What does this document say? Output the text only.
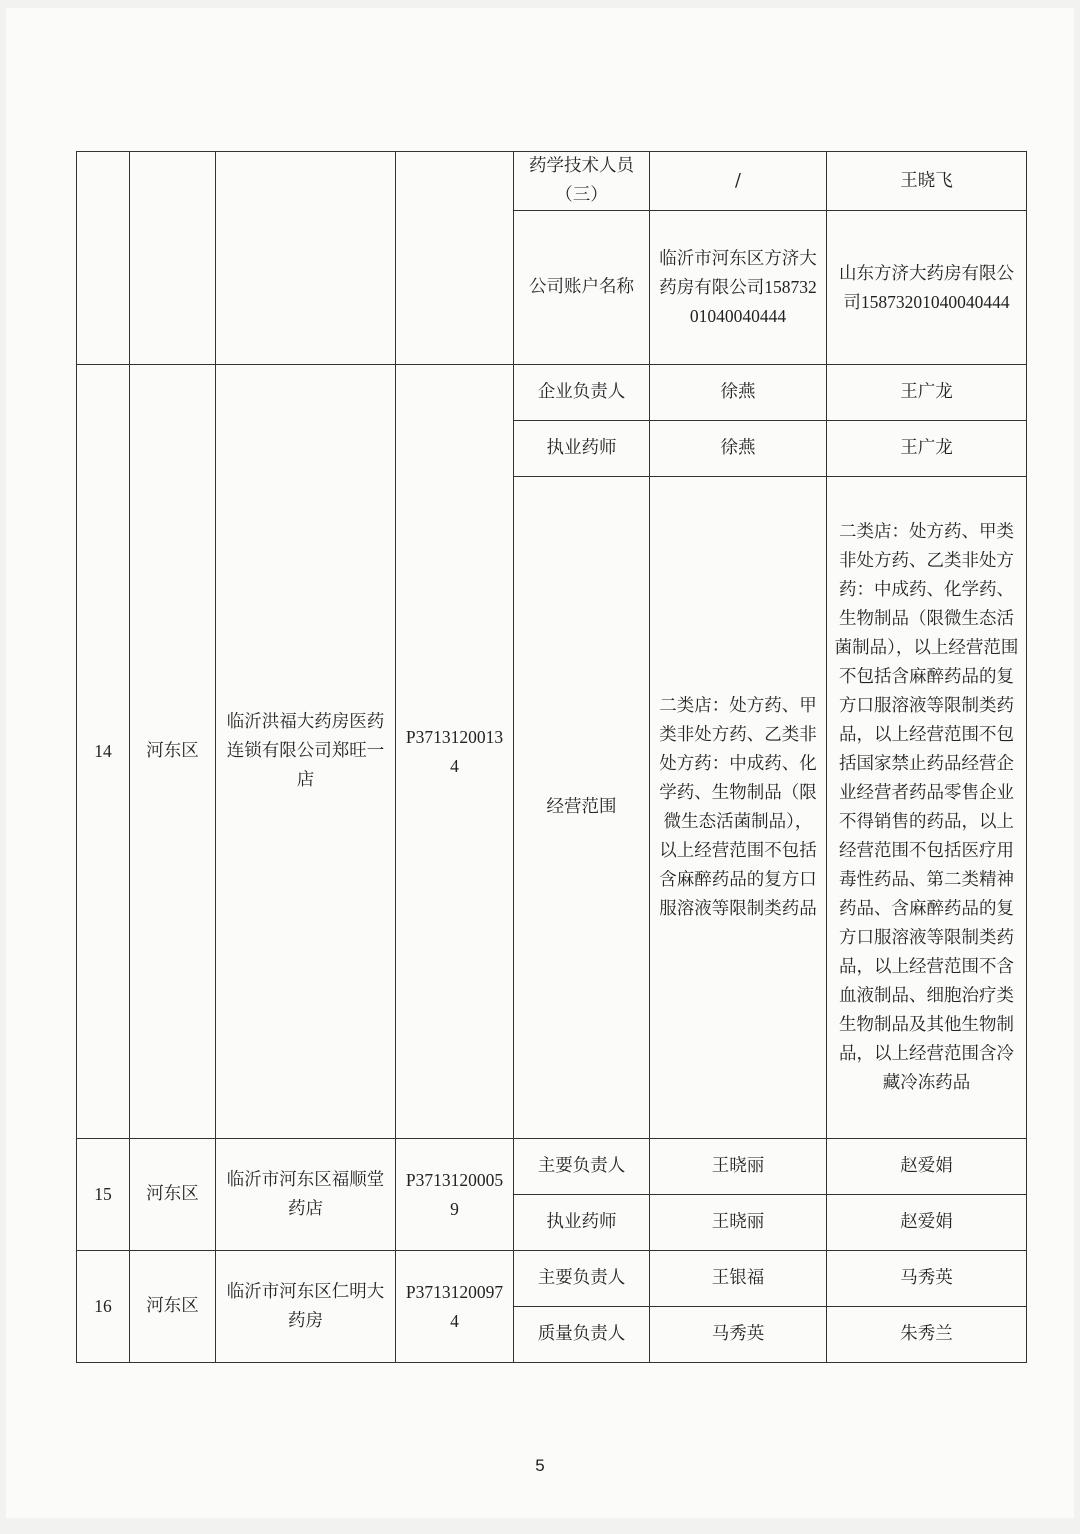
				药学技术人员（三）	/	王晓飞
				公司账户名称	临沂市河东区方济大药房有限公司15873201040040444	山东方济大药房有限公司15873201040040444
14	河东区	临沂洪福大药房医药连锁有限公司郑旺一店	P37131200134	企业负责人	徐燕	王广龙
				执业药师	徐燕	王广龙
				经营范围	二类店：处方药、甲类非处方药、乙类非处方药：中成药、化学药、生物制品（限微生态活菌制品），以上经营范围不包括含麻醉药品的复方口服溶液等限制类药品	二类店：处方药、甲类非处方药、乙类非处方药：中成药、化学药、生物制品（限微生态活菌制品），以上经营范围不包括含麻醉药品的复方口服溶液等限制类药品，以上经营范围不包括国家禁止药品经营企业经营者药品零售企业不得销售的药品，以上经营范围不包括医疗用毒性药品、第二类精神药品、含麻醉药品的复方口服溶液等限制类药品，以上经营范围不含血液制品、细胞治疗类生物制品及其他生物制品，以上经营范围含冷藏冷冻药品
15	河东区	临沂市河东区福顺堂药店	P37131200059	主要负责人	王晓丽	赵爱娟
				执业药师	王晓丽	赵爱娟
16	河东区	临沂市河东区仁明大药房	P37131200974	主要负责人	王银福	马秀英
				质量负责人	马秀英	朱秀兰
5
